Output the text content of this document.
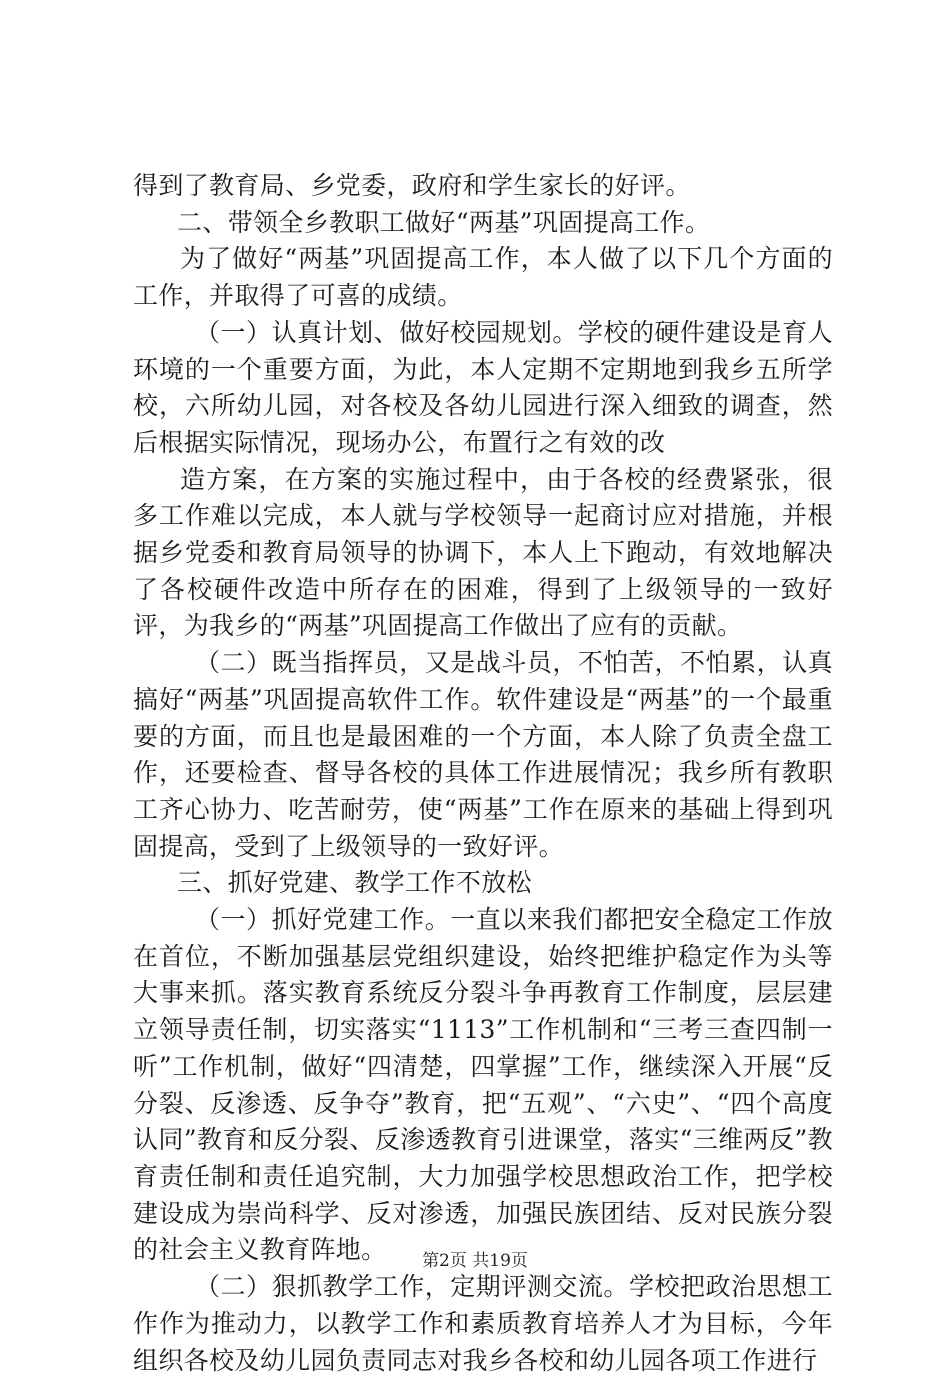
得到了教育局、乡党委，政府和学生家长的好评。

二、带领全乡教职工做好“两基”巩固提高工作。

为了做好“两基”巩固提高工作，本人做了以下几个方面的工作，并取得了可喜的成绩。

（一）认真计划、做好校园规划。学校的硬件建设是育人环境的一个重要方面，为此，本人定期不定期地到我乡五所学校，六所幼儿园，对各校及各幼儿园进行深入细致的调查，然后根据实际情况，现场办公，布置行之有效的改

造方案，在方案的实施过程中，由于各校的经费紧张，很多工作难以完成，本人就与学校领导一起商讨应对措施，并根据乡党委和教育局领导的协调下，本人上下跑动，有效地解决了各校硬件改造中所存在的困难，得到了上级领导的一致好评，为我乡的“两基”巩固提高工作做出了应有的贡献。

（二）既当指挥员，又是战斗员，不怕苦，不怕累，认真搞好“两基”巩固提高软件工作。软件建设是“两基”的一个最重要的方面，而且也是最困难的一个方面，本人除了负责全盘工作，还要检查、督导各校的具体工作进展情况；我乡所有教职工齐心协力、吃苦耐劳，使“两基”工作在原来的基础上得到巩固提高，受到了上级领导的一致好评。

三、抓好党建、教学工作不放松

（一）抓好党建工作。一直以来我们都把安全稳定工作放在首位，不断加强基层党组织建设，始终把维护稳定作为头等大事来抓。落实教育系统反分裂斗争再教育工作制度，层层建立领导责任制，切实落实“1113”工作机制和“三考三查四制一听”工作机制，做好“四清楚，四掌握”工作，继续深入开展“反分裂、反渗透、反争夺”教育，把“五观”、“六史”、“四个高度认同”教育和反分裂、反渗透教育引进课堂，落实“三维两反”教育责任制和责任追究制，大力加强学校思想政治工作，把学校建设成为崇尚科学、反对渗透，加强民族团结、反对民族分裂的社会主义教育阵地。

（二）狠抓教学工作，定期评测交流。学校把政治思想工作作为推动力，以教学工作和素质教育培养人才为目标，今年组织各校及幼儿园负责同志对我乡各校和幼儿园各项工作进行

第2页 共19页
